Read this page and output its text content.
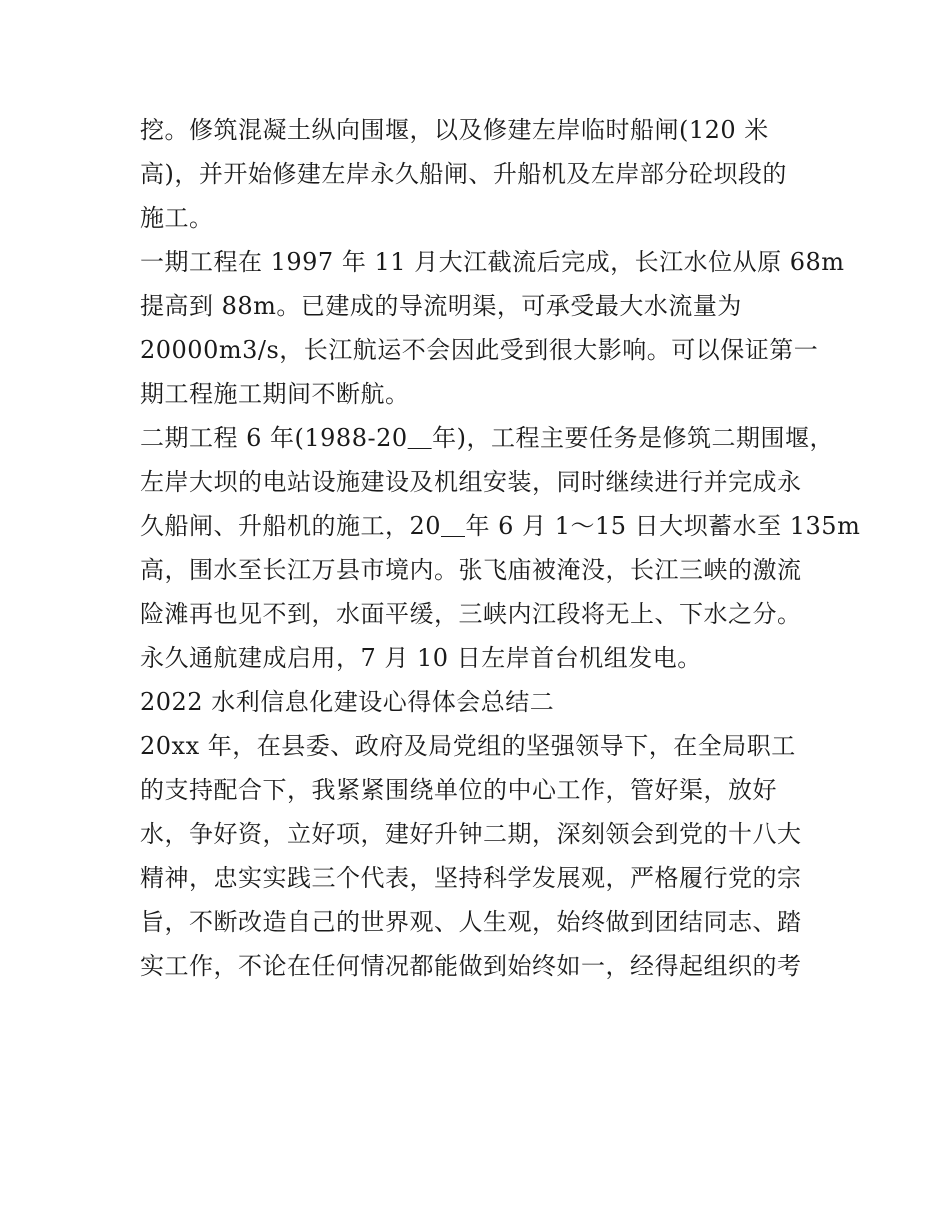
挖。修筑混凝土纵向围堰，以及修建左岸临时船闸(120 米
高)，并开始修建左岸永久船闸、升船机及左岸部分砼坝段的
施工。
一期工程在 1997 年 11 月大江截流后完成，长江水位从原 68m
提高到 88m。已建成的导流明渠，可承受最大水流量为
20000m3/s，长江航运不会因此受到很大影响。可以保证第一
期工程施工期间不断航。
二期工程 6 年(1988-20＿年)，工程主要任务是修筑二期围堰，
左岸大坝的电站设施建设及机组安装，同时继续进行并完成永
久船闸、升船机的施工，20＿年 6 月 1～15 日大坝蓄水至 135m
高，围水至长江万县市境内。张飞庙被淹没，长江三峡的激流
险滩再也见不到，水面平缓，三峡内江段将无上、下水之分。
永久通航建成启用，7 月 10 日左岸首台机组发电。
2022 水利信息化建设心得体会总结二
20xx 年，在县委、政府及局党组的坚强领导下，在全局职工
的支持配合下，我紧紧围绕单位的中心工作，管好渠，放好
水，争好资，立好项，建好升钟二期，深刻领会到党的十八大
精神，忠实实践三个代表，坚持科学发展观，严格履行党的宗
旨，不断改造自己的世界观、人生观，始终做到团结同志、踏
实工作，不论在任何情况都能做到始终如一，经得起组织的考
